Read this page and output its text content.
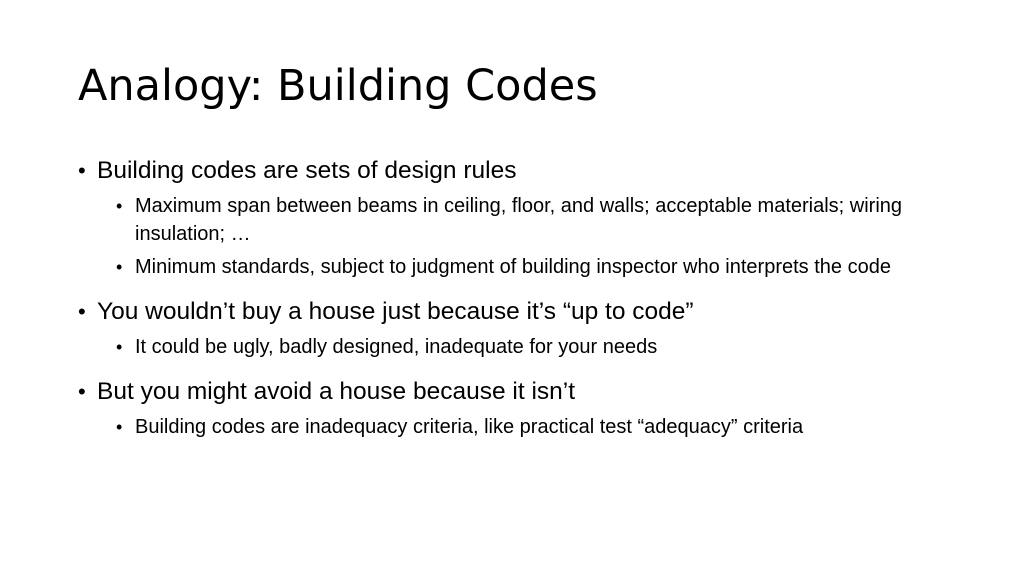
Analogy: Building Codes
• Building codes are sets of design rules
• Maximum span between beams in ceiling, floor, and walls; acceptable materials; wiring insulation; …
• Minimum standards, subject to judgment of building inspector who interprets the code
• You wouldn’t buy a house just because it’s “up to code”
• It could be ugly, badly designed, inadequate for your needs
• But you might avoid a house because it isn’t
• Building codes are inadequacy criteria, like practical test “adequacy” criteria
